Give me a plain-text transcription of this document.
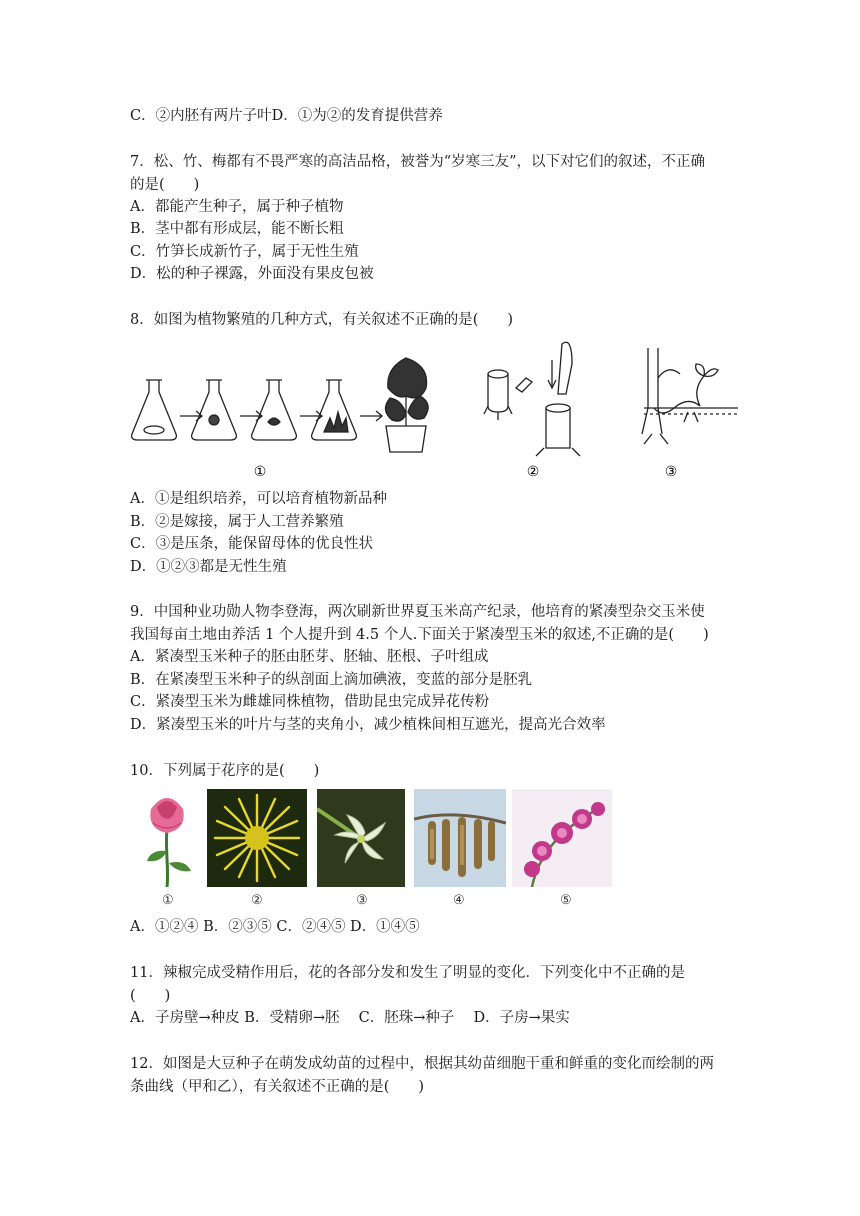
C．②内胚有两片子叶D．①为②的发育提供营养
7．松、竹、梅都有不畏严寒的高洁品格，被誉为“岁寒三友”，以下对它们的叙述，不正确
的是(　　)
A．都能产生种子，属于种子植物
B．茎中都有形成层，能不断长粗
C．竹笋长成新竹子，属于无性生殖
D．松的种子裸露，外面没有果皮包被
8．如图为植物繁殖的几种方式，有关叙述不正确的是(　　)
①	②	③
A．①是组织培养，可以培育植物新品种
B．②是嫁接，属于人工营养繁殖
C．③是压条，能保留母体的优良性状
D．①②③都是无性生殖
9．中国种业功勋人物李登海，两次刷新世界夏玉米高产纪录，他培育的紧凑型杂交玉米使
我国每亩土地由养活 1 个人提升到 4.5 个人.下面关于紧凑型玉米的叙述,不正确的是(　　)
A．紧凑型玉米种子的胚由胚芽、胚轴、胚根、子叶组成
B．在紧凑型玉米种子的纵剖面上滴加碘液，变蓝的部分是胚乳
C．紧凑型玉米为雌雄同株植物，借助昆虫完成异花传粉
D．紧凑型玉米的叶片与茎的夹角小，减少植株间相互遮光，提高光合效率
10．下列属于花序的是(　　)
①	②	③	④	⑤
A．①②④ B．②③⑤ C．②④⑤ D．①④⑤
11．辣椒完成受精作用后，花的各部分发和发生了明显的变化．下列变化中不正确的是
(　　)
A．子房壁→种皮 B．受精卵→胚　 C．胚珠→种子　 D．子房→果实
12．如图是大豆种子在萌发成幼苗的过程中，根据其幼苗细胞干重和鲜重的变化而绘制的两
条曲线（甲和乙），有关叙述不正确的是(　　)
